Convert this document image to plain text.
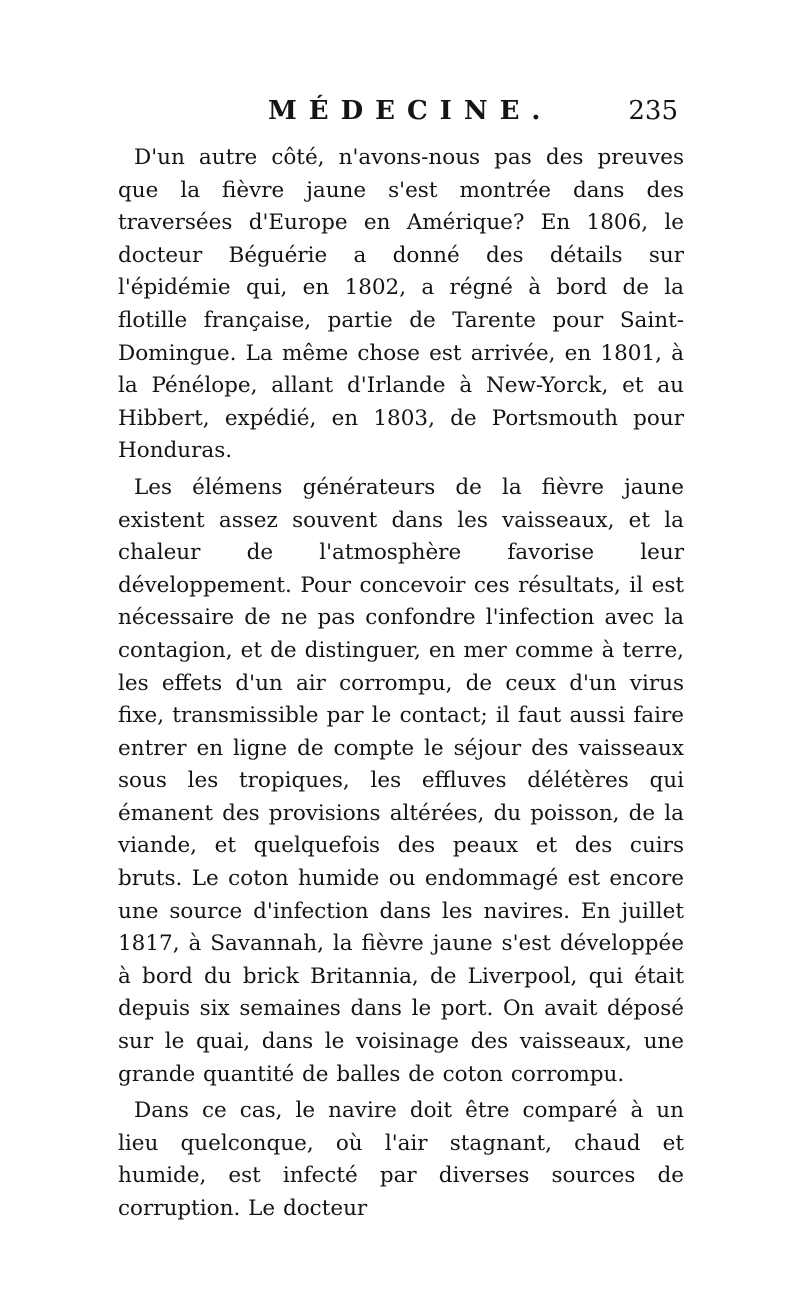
MÉDECINE.	235

D'un autre côté, n'avons-nous pas des preuves que la fièvre jaune s'est montrée dans des traversées d'Europe en Amérique? En 1806, le docteur Béguérie a donné des détails sur l'épidémie qui, en 1802, a régné à bord de la flotille française, partie de Tarente pour Saint-Domingue. La même chose est arrivée, en 1801, à la Pénélope, allant d'Irlande à New-Yorck, et au Hibbert, expédié, en 1803, de Portsmouth pour Honduras.

Les élémens générateurs de la fièvre jaune existent assez souvent dans les vaisseaux, et la chaleur de l'atmosphère favorise leur développement. Pour concevoir ces résultats, il est nécessaire de ne pas confondre l'infection avec la contagion, et de distinguer, en mer comme à terre, les effets d'un air corrompu, de ceux d'un virus fixe, transmissible par le contact; il faut aussi faire entrer en ligne de compte le séjour des vaisseaux sous les tropiques, les effluves délétères qui émanent des provisions altérées, du poisson, de la viande, et quelquefois des peaux et des cuirs bruts. Le coton humide ou endommagé est encore une source d'infection dans les navires. En juillet 1817, à Savannah, la fièvre jaune s'est développée à bord du brick Britannia, de Liverpool, qui était depuis six semaines dans le port. On avait déposé sur le quai, dans le voisinage des vaisseaux, une grande quantité de balles de coton corrompu.

Dans ce cas, le navire doit être comparé à un lieu quelconque, où l'air stagnant, chaud et humide, est infecté par diverses sources de corruption. Le docteur
